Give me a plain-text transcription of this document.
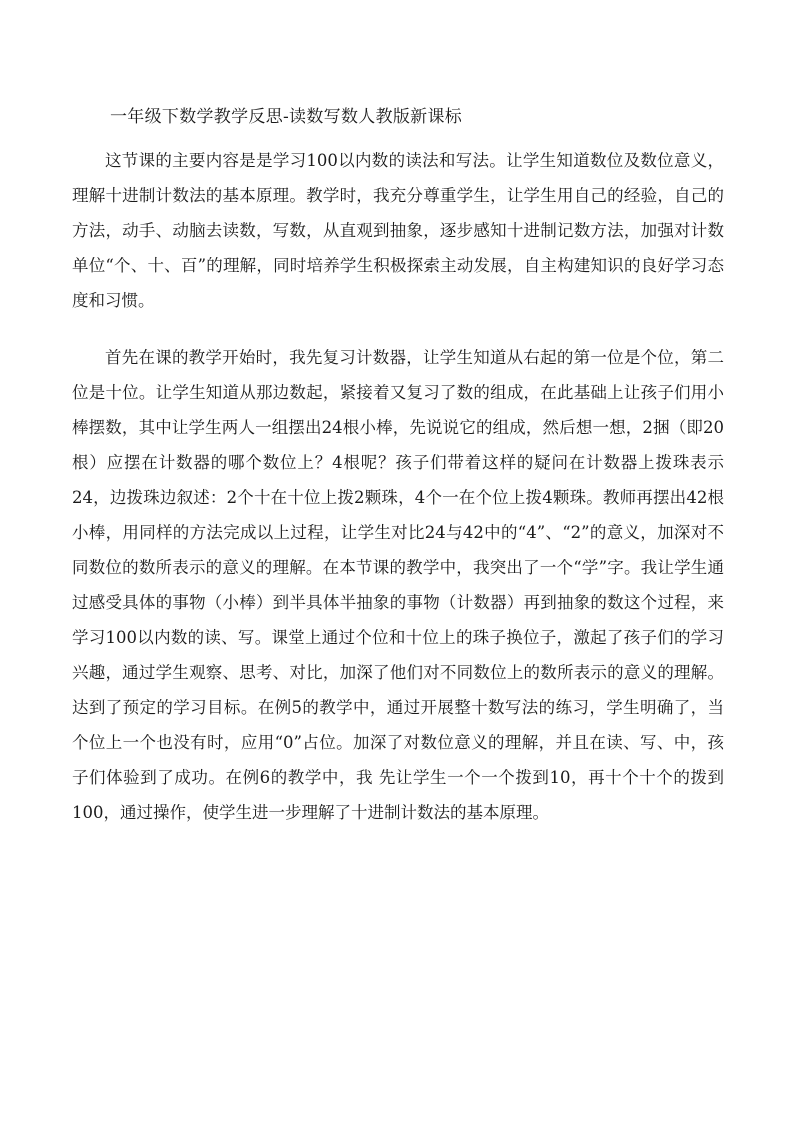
一年级下数学教学反思-读数写数人教版新课标

这节课的主要内容是是学习100以内数的读法和写法。让学生知道数位及数位意义，理解十进制计数法的基本原理。教学时，我充分尊重学生，让学生用自己的经验，自己的方法，动手、动脑去读数，写数，从直观到抽象，逐步感知十进制记数方法，加强对计数单位“个、十、百”的理解，同时培养学生积极探索主动发展，自主构建知识的良好学习态度和习惯。

首先在课的教学开始时，我先复习计数器，让学生知道从右起的第一位是个位，第二位是十位。让学生知道从那边数起，紧接着又复习了数的组成，在此基础上让孩子们用小棒摆数，其中让学生两人一组摆出24根小棒，先说说它的组成，然后想一想，2捆（即20根）应摆在计数器的哪个数位上？4根呢？孩子们带着这样的疑问在计数器上拨珠表示24，边拨珠边叙述：2个十在十位上拨2颗珠，4个一在个位上拨4颗珠。教师再摆出42根小棒，用同样的方法完成以上过程，让学生对比24与42中的“4”、“2”的意义，加深对不同数位的数所表示的意义的理解。在本节课的教学中，我突出了一个“学”字。我让学生通过感受具体的事物（小棒）到半具体半抽象的事物（计数器）再到抽象的数这个过程，来学习100以内数的读、写。课堂上通过个位和十位上的珠子换位子，激起了孩子们的学习兴趣，通过学生观察、思考、对比，加深了他们对不同数位上的数所表示的意义的理解。达到了预定的学习目标。在例5的教学中，通过开展整十数写法的练习，学生明确了，当个位上一个也没有时，应用“0”占位。加深了对数位意义的理解，并且在读、写、中，孩子们体验到了成功。在例6的教学中，我 先让学生一个一个拨到10，再十个十个的拨到100，通过操作，使学生进一步理解了十进制计数法的基本原理。
